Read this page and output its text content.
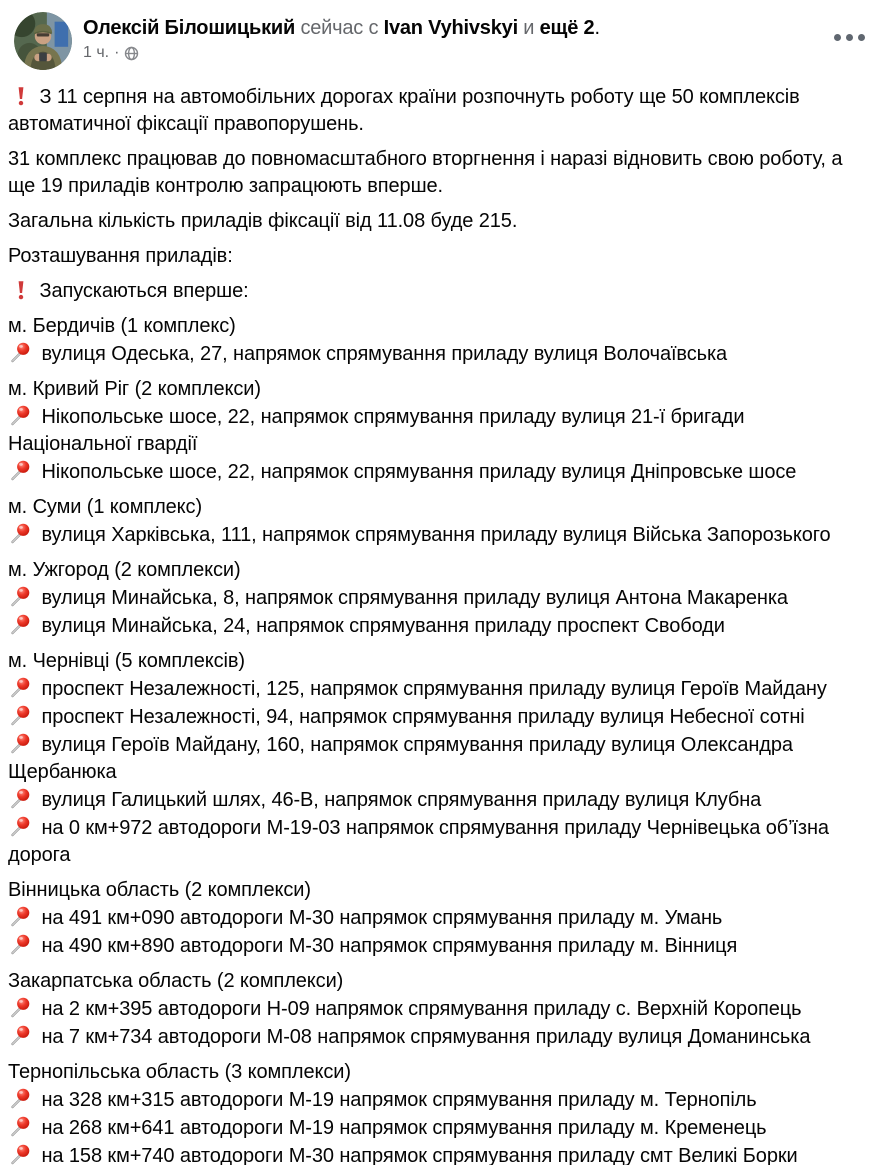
Олексій Білошицький сейчас с Ivan Vyhivskyi и ещё 2.
1 ч. ·
З 11 серпня на автомобільних дорогах країни розпочнуть роботу ще 50 комплексів автоматичної фіксації правопорушень.
31 комплекс працював до повномасштабного вторгнення і наразі відновить свою роботу, а ще 19 приладів контролю запрацюють вперше.
Загальна кількість приладів фіксації від 11.08 буде 215.
Розташування приладів:
Запускаються вперше:
м. Бердичів (1 комплекс)
вулиця Одеська, 27, напрямок спрямування приладу вулиця Волочаївська
м. Кривий Ріг (2 комплекси)
Нікопольське шосе, 22, напрямок спрямування приладу вулиця 21-ї бригади Національної гвардії
Нікопольське шосе, 22, напрямок спрямування приладу вулиця Дніпровське шосе
м. Суми (1 комплекс)
вулиця Харківська, 111, напрямок спрямування приладу вулиця Війська Запорозького
м. Ужгород (2 комплекси)
вулиця Минайська, 8, напрямок спрямування приладу вулиця Антона Макаренка
вулиця Минайська, 24, напрямок спрямування приладу проспект Свободи
м. Чернівці (5 комплексів)
проспект Незалежності, 125, напрямок спрямування приладу вулиця Героїв Майдану
проспект Незалежності, 94, напрямок спрямування приладу вулиця Небесної сотні
вулиця Героїв Майдану, 160, напрямок спрямування приладу вулиця Олександра Щербанюка
вулиця Галицький шлях, 46-В, напрямок спрямування приладу вулиця Клубна
на 0 км+972 автодороги М-19-03 напрямок спрямування приладу Чернівецька об’їзна дорога
Вінницька область (2 комплекси)
на 491 км+090 автодороги М-30 напрямок спрямування приладу м. Умань
на 490 км+890 автодороги М-30 напрямок спрямування приладу м. Вінниця
Закарпатська область (2 комплекси)
на 2 км+395 автодороги Н-09 напрямок спрямування приладу с. Верхній Коропець
на 7 км+734 автодороги М-08 напрямок спрямування приладу вулиця Доманинська
Тернопільська область (3 комплекси)
на 328 км+315 автодороги М-19 напрямок спрямування приладу м. Тернопіль
на 268 км+641 автодороги М-19 напрямок спрямування приладу м. Кременець
на 158 км+740 автодороги М-30 напрямок спрямування приладу смт Великі Борки
